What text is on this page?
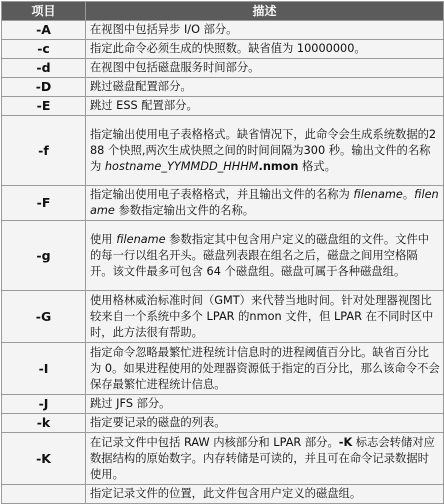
项目	描述
-A	在视图中包括异步 I/O 部分。
-c	指定此命令必须生成的快照数。缺省值为 10000000。
-d	在视图中包括磁盘服务时间部分。
-D	跳过磁盘配置部分。
-E	跳过 ESS 配置部分。
-f	指定输出使用电子表格格式。缺省情况下，此命令会生成系统数据的288 个快照,两次生成快照之间的时间间隔为300 秒。输出文件的名称为 hostname_YYMMDD_HHHM.nmon 格式。
-F	指定输出使用电子表格格式，并且输出文件的名称为 filename。filename 参数指定输出文件的名称。
-g	使用 filename 参数指定其中包含用户定义的磁盘组的文件。文件中的每一行以组名开头。磁盘列表跟在组名之后，磁盘之间用空格隔开。该文件最多可包含 64 个磁盘组。磁盘可属于各种磁盘组。
-G	使用格林威治标准时间（GMT）来代替当地时间。针对处理器视图比较来自一个系统中多个 LPAR 的nmon 文件，但 LPAR 在不同时区中时，此方法很有帮助。
-I	指定命令忽略最繁忙进程统计信息时的进程阈值百分比。缺省百分比为 0。如果进程使用的处理器资源低于指定的百分比，那么该命令不会保存最繁忙进程统计信息。
-J	跳过 JFS 部分。
-k	指定要记录的磁盘的列表。
-K	在记录文件中包括 RAW 内核部分和 LPAR 部分。-K 标志会转储对应数据结构的原始数字。内存转储是可读的，并且可在命令记录数据时使用。
	指定记录文件的位置，此文件包含用户定义的磁盘组。
